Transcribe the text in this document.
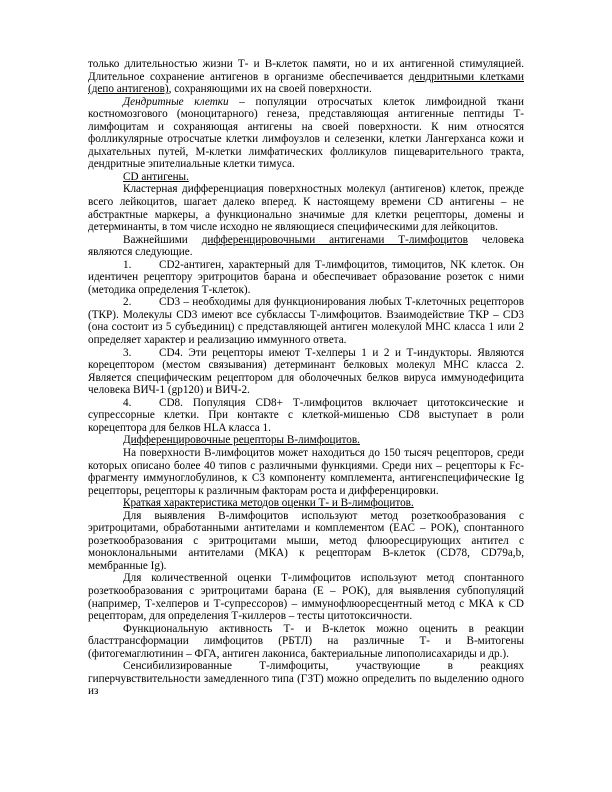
только длительностью жизни Т- и В-клеток памяти, но и их антигенной стимуляцией. Длительное сохранение антигенов в организме обеспечивается дендритными клетками (депо антигенов), сохраняющими их на своей поверхности.

Дендритные клетки – популяции отросчатых клеток лимфоидной ткани костномозгового (моноцитарного) генеза, представляющая антигенные пептиды Т-лимфоцитам и сохраняющая антигены на своей поверхности. К ним относятся фолликулярные отросчатые клетки лимфоузлов и селезенки, клетки Лангерханса кожи и дыхательных путей, М-клетки лимфатических фолликулов пищеварительного тракта, дендритные эпителиальные клетки тимуса.

CD антигены.

Кластерная дифференциация поверхностных молекул (антигенов) клеток, прежде всего лейкоцитов, шагает далеко вперед. К настоящему времени CD антигены – не абстрактные маркеры, а функционально значимые для клетки рецепторы, домены и детерминанты, в том числе исходно не являющиеся специфическими для лейкоцитов.

Важнейшими дифференцировочными антигенами Т-лимфоцитов человека являются следующие.

1. CD2-антиген, характерный для Т-лимфоцитов, тимоцитов, NK клеток. Он идентичен рецептору эритроцитов барана и обеспечивает образование розеток с ними (методика определения Т-клеток).
2. CD3 – необходимы для функционирования любых Т-клеточных рецепторов (ТКР). Молекулы CD3 имеют все субклассы Т-лимфоцитов. Взаимодействие ТКР – CD3 (она состоит из 5 субъединиц) с представляющей антиген молекулой МНС класса 1 или 2 определяет характер и реализацию иммунного ответа.
3. CD4. Эти рецепторы имеют Т-хелперы 1 и 2 и Т-индукторы. Являются корецептором (местом связывания) детерминант белковых молекул МНС класса 2. Является специфическим рецептором для оболочечных белков вируса иммунодефицита человека ВИЧ-1 (gp120) и ВИЧ-2.
4. CD8. Популяция CD8+ Т-лимфоцитов включает цитотоксические и супрессорные клетки. При контакте с клеткой-мишенью CD8 выступает в роли корецептора для белков HLA класса 1.

Дифференцировочные рецепторы В-лимфоцитов.

На поверхности В-лимфоцитов может находиться до 150 тысяч рецепторов, среди которых описано более 40 типов с различными функциями. Среди них – рецепторы к Fc-фрагменту иммуноглобулинов, к С3 компоненту комплемента, антигенспецифические Ig рецепторы, рецепторы к различным факторам роста и дифференцировки.

Краткая характеристика методов оценки Т- и В-лимфоцитов.

Для выявления В-лимфоцитов используют метод розеткообразования с эритроцитами, обработанными антителами и комплементом (ЕАС – РОК), спонтанного розеткообразования с эритроцитами мыши, метод флюоресцирующих антител с моноклональными антителами (МКА) к рецепторам В-клеток (CD78, CD79a,b, мембранные Ig).

Для количественной оценки Т-лимфоцитов используют метод спонтанного розеткообразования с эритроцитами барана (Е – РОК), для выявления субпопуляций (например, Т-хелперов и Т-супрессоров) – иммунофлюоресцентный метод с МКА к CD рецепторам, для определения Т-киллеров – тесты цитотоксичности.

Функциональную активность Т- и В-клеток можно оценить в реакции бласттрансформации лимфоцитов (РБТЛ) на различные Т- и В-митогены (фитогемаглютинин – ФГА, антиген лакониса, бактериальные липополисахариды и др.).

Сенсибилизированные Т-лимфоциты, участвующие в реакциях гиперчувствительности замедленного типа (ГЗТ) можно определить по выделению одного из
